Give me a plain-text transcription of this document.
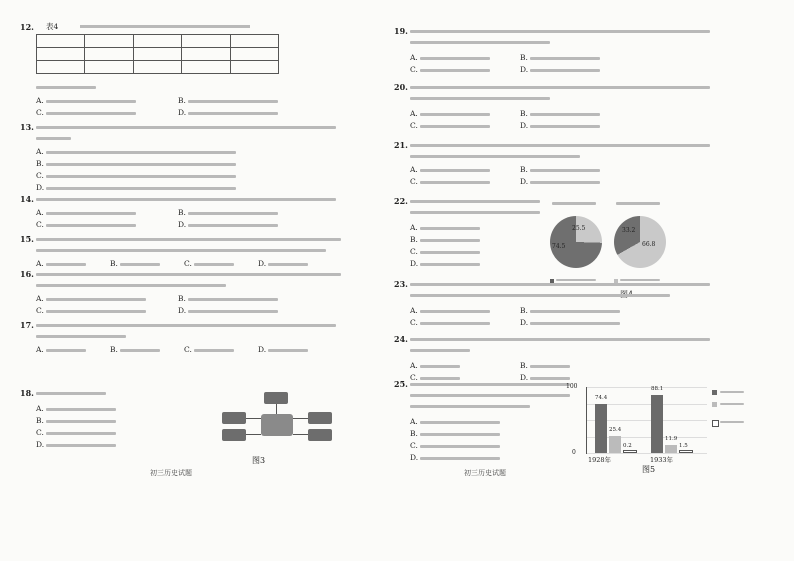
12. 表4

A.	B.
C.	D.
13.
A.
B.
C.
D.
14.
A.	B.
C.	D.
15.
A.	B.	C.	D.
16.
A.	B.
C.	D.
17.
A.	B.	C.	D.
18.
A.
B.
C.
D.
图3
初三历史试题
19.
A.	B.
C.	D.
20.
A.	B.
C.	D.
21.
A.	B.
C.	D.
22.
A.
B.
C.
D.
25.5
74.5	66.8
33.2
23.
A.	B.
C.	D.
24.
A.	B.
C.	D.
25.
A.
B.
C.
D.
74.4
25.4
0.2
88.1
11.9
1.5
100
0
1928年	1933年
图5
初三历史试题
